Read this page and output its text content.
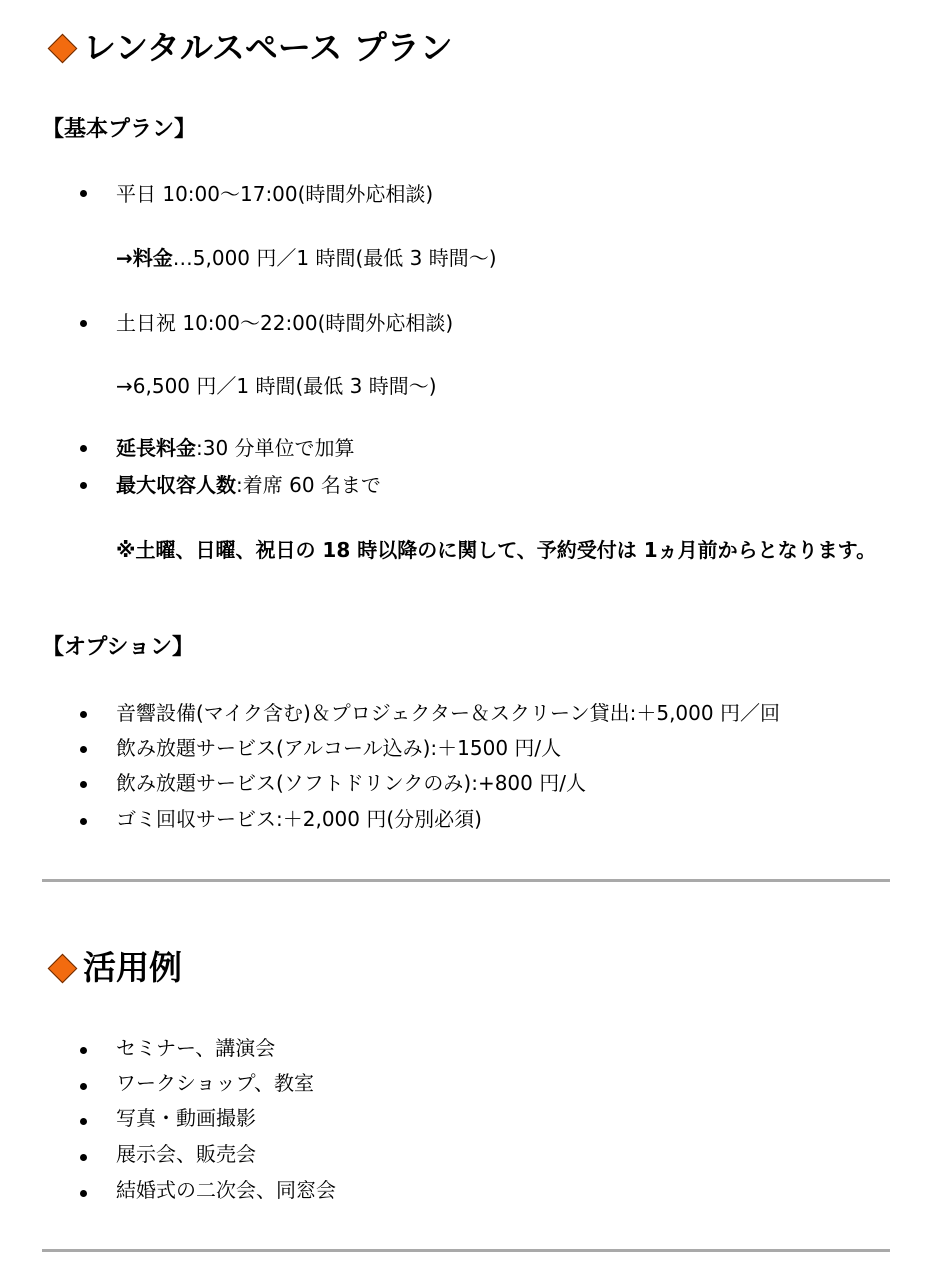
レンタルスペース プラン
【基本プラン】
平日 10:00～17:00(時間外応相談)
→料金…5,000 円／1 時間(最低 3 時間～)
土日祝 10:00～22:00(時間外応相談)
→6,500 円／1 時間(最低 3 時間～)
延長料金:30 分単位で加算
最大収容人数:着席 60 名まで
※土曜、日曜、祝日の 18 時以降のに関して、予約受付は 1ヵ月前からとなります。
【オプション】
音響設備(マイク含む)＆プロジェクター＆スクリーン貸出:＋5,000 円／回
飲み放題サービス(アルコール込み):＋1500 円/人
飲み放題サービス(ソフトドリンクのみ):+800 円/人
ゴミ回収サービス:＋2,000 円(分別必須)
活用例
セミナー、講演会
ワークショップ、教室
写真・動画撮影
展示会、販売会
結婚式の二次会、同窓会
